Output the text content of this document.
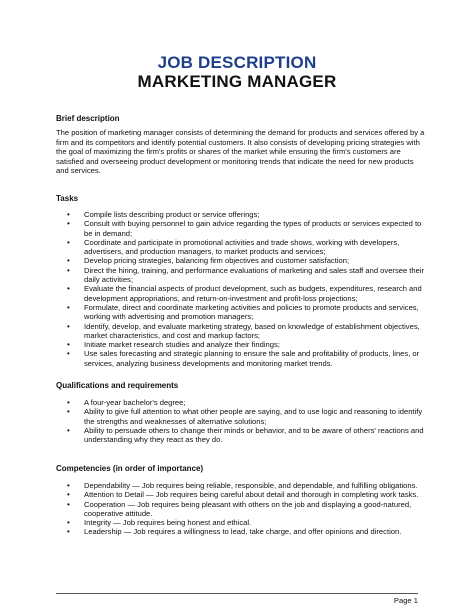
JOB DESCRIPTION
MARKETING MANAGER
Brief description
The position of marketing manager consists of determining the demand for products and services offered by a firm and its competitors and identify potential customers. It also consists of developing pricing strategies with the goal of maximizing the firm's profits or shares of the market while ensuring the firm's customers are satisfied and overseeing product development or monitoring trends that indicate the need for new products and services.
Tasks
• Compile lists describing product or service offerings;
• Consult with buying personnel to gain advice regarding the types of products or services expected to be in demand;
• Coordinate and participate in promotional activities and trade shows, working with developers, advertisers, and production managers, to market products and services;
• Develop pricing strategies, balancing firm objectives and customer satisfaction;
• Direct the hiring, training, and performance evaluations of marketing and sales staff and oversee their daily activities;
• Evaluate the financial aspects of product development, such as budgets, expenditures, research and development appropriations, and return-on-investment and profit-loss projections;
• Formulate, direct and coordinate marketing activities and policies to promote products and services, working with advertising and promotion managers;
• Identify, develop, and evaluate marketing strategy, based on knowledge of establishment objectives, market characteristics, and cost and markup factors;
• Initiate market research studies and analyze their findings;
• Use sales forecasting and strategic planning to ensure the sale and profitability of products, lines, or services, analyzing business developments and monitoring market trends.
Qualifications and requirements
• A four-year bachelor's degree;
• Ability to give full attention to what other people are saying, and to use logic and reasoning to identify the strengths and weaknesses of alternative solutions;
• Ability to persuade others to change their minds or behavior, and to be aware of others' reactions and understanding why they react as they do.
Competencies (in order of importance)
• Dependability — Job requires being reliable, responsible, and dependable, and fulfilling obligations.
• Attention to Detail — Job requires being careful about detail and thorough in completing work tasks.
• Cooperation — Job requires being pleasant with others on the job and displaying a good-natured, cooperative attitude.
• Integrity — Job requires being honest and ethical.
• Leadership — Job requires a willingness to lead, take charge, and offer opinions and direction.
Page 1
